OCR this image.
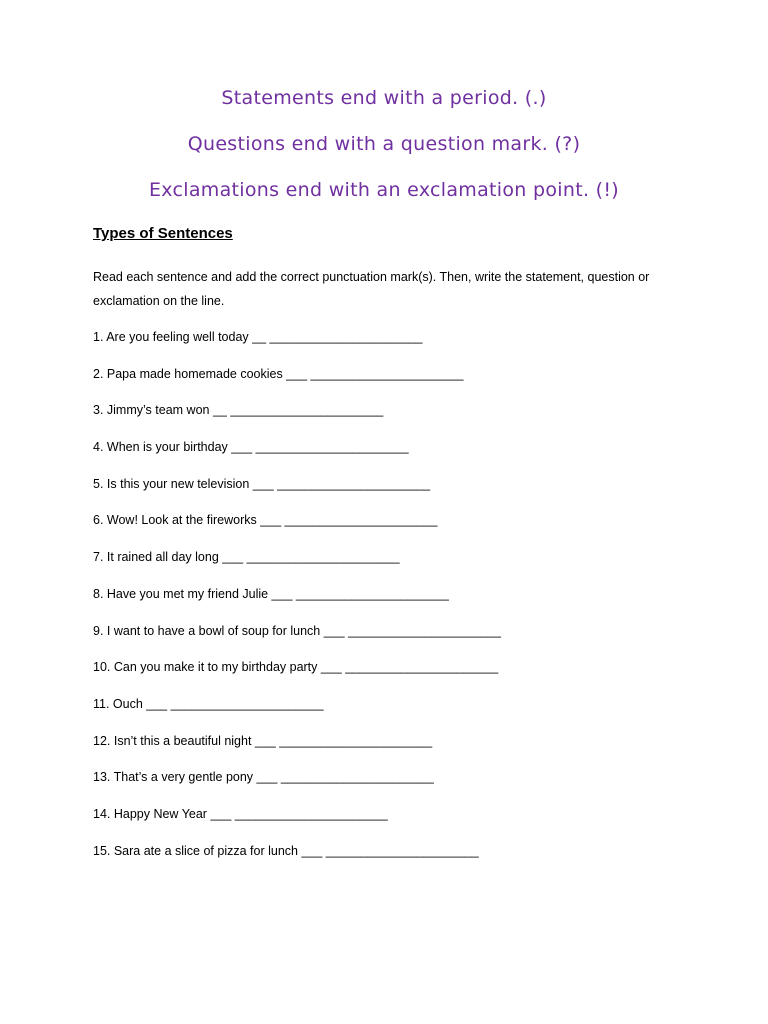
Statements end with a period. (.)
Questions end with a question mark. (?)
Exclamations end with an exclamation point. (!)
Types of Sentences
Read each sentence and add the correct punctuation mark(s). Then, write the statement, question or exclamation on the line.
1. Are you feeling well today __ ______________________
2. Papa made homemade cookies ___ ______________________
3. Jimmy’s team won __ ______________________
4. When is your birthday ___ ______________________
5. Is this your new television ___ ______________________
6. Wow! Look at the fireworks ___ ______________________
7. It rained all day long ___ ______________________
8. Have you met my friend Julie ___ ______________________
9. I want to have a bowl of soup for lunch ___ ______________________
10. Can you make it to my birthday party ___ ______________________
11. Ouch ___ ______________________
12. Isn’t this a beautiful night ___ ______________________
13. That’s a very gentle pony ___ ______________________
14. Happy New Year ___ ______________________
15. Sara ate a slice of pizza for lunch ___ ______________________
